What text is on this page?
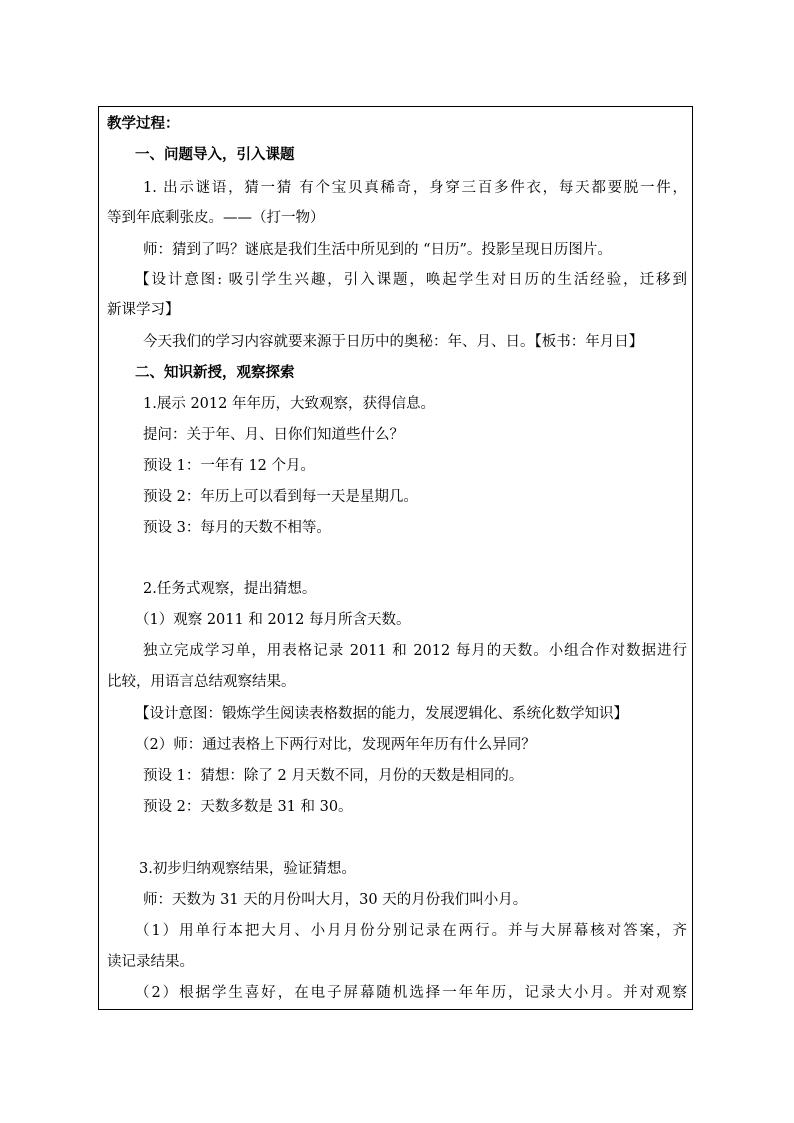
教学过程：
一、问题导入，引入课题
1. 出示谜语，猜一猜 有个宝贝真稀奇，身穿三百多件衣，每天都要脱一件，
等到年底剩张皮。——（打一物）
师：猜到了吗？谜底是我们生活中所见到的 “日历”。投影呈现日历图片。
【设计意图: 吸引学生兴趣，引入课题，唤起学生对日历的生活经验，迁移到
新课学习】
今天我们的学习内容就要来源于日历中的奥秘：年、月、日。【板书：年月日】
二、知识新授，观察探索
1.展示 2012 年年历，大致观察，获得信息。
提问：关于年、月、日你们知道些什么？
预设 1：一年有 12 个月。
预设 2：年历上可以看到每一天是星期几。
预设 3：每月的天数不相等。
2.任务式观察，提出猜想。
（1）观察 2011 和 2012 每月所含天数。
独立完成学习单，用表格记录 2011 和 2012 每月的天数。小组合作对数据进行
比较，用语言总结观察结果。
【设计意图：锻炼学生阅读表格数据的能力，发展逻辑化、系统化数学知识】
（2）师：通过表格上下两行对比，发现两年年历有什么异同？
预设 1：猜想：除了 2 月天数不同，月份的天数是相同的。
预设 2：天数多数是 31 和 30。
3.初步归纳观察结果，验证猜想。
师：天数为 31 天的月份叫大月，30 天的月份我们叫小月。
（1）用单行本把大月、小月月份分别记录在两行。并与大屏幕核对答案，齐
读记录结果。
（2）根据学生喜好，在电子屏幕随机选择一年年历，记录大小月。并对观察
